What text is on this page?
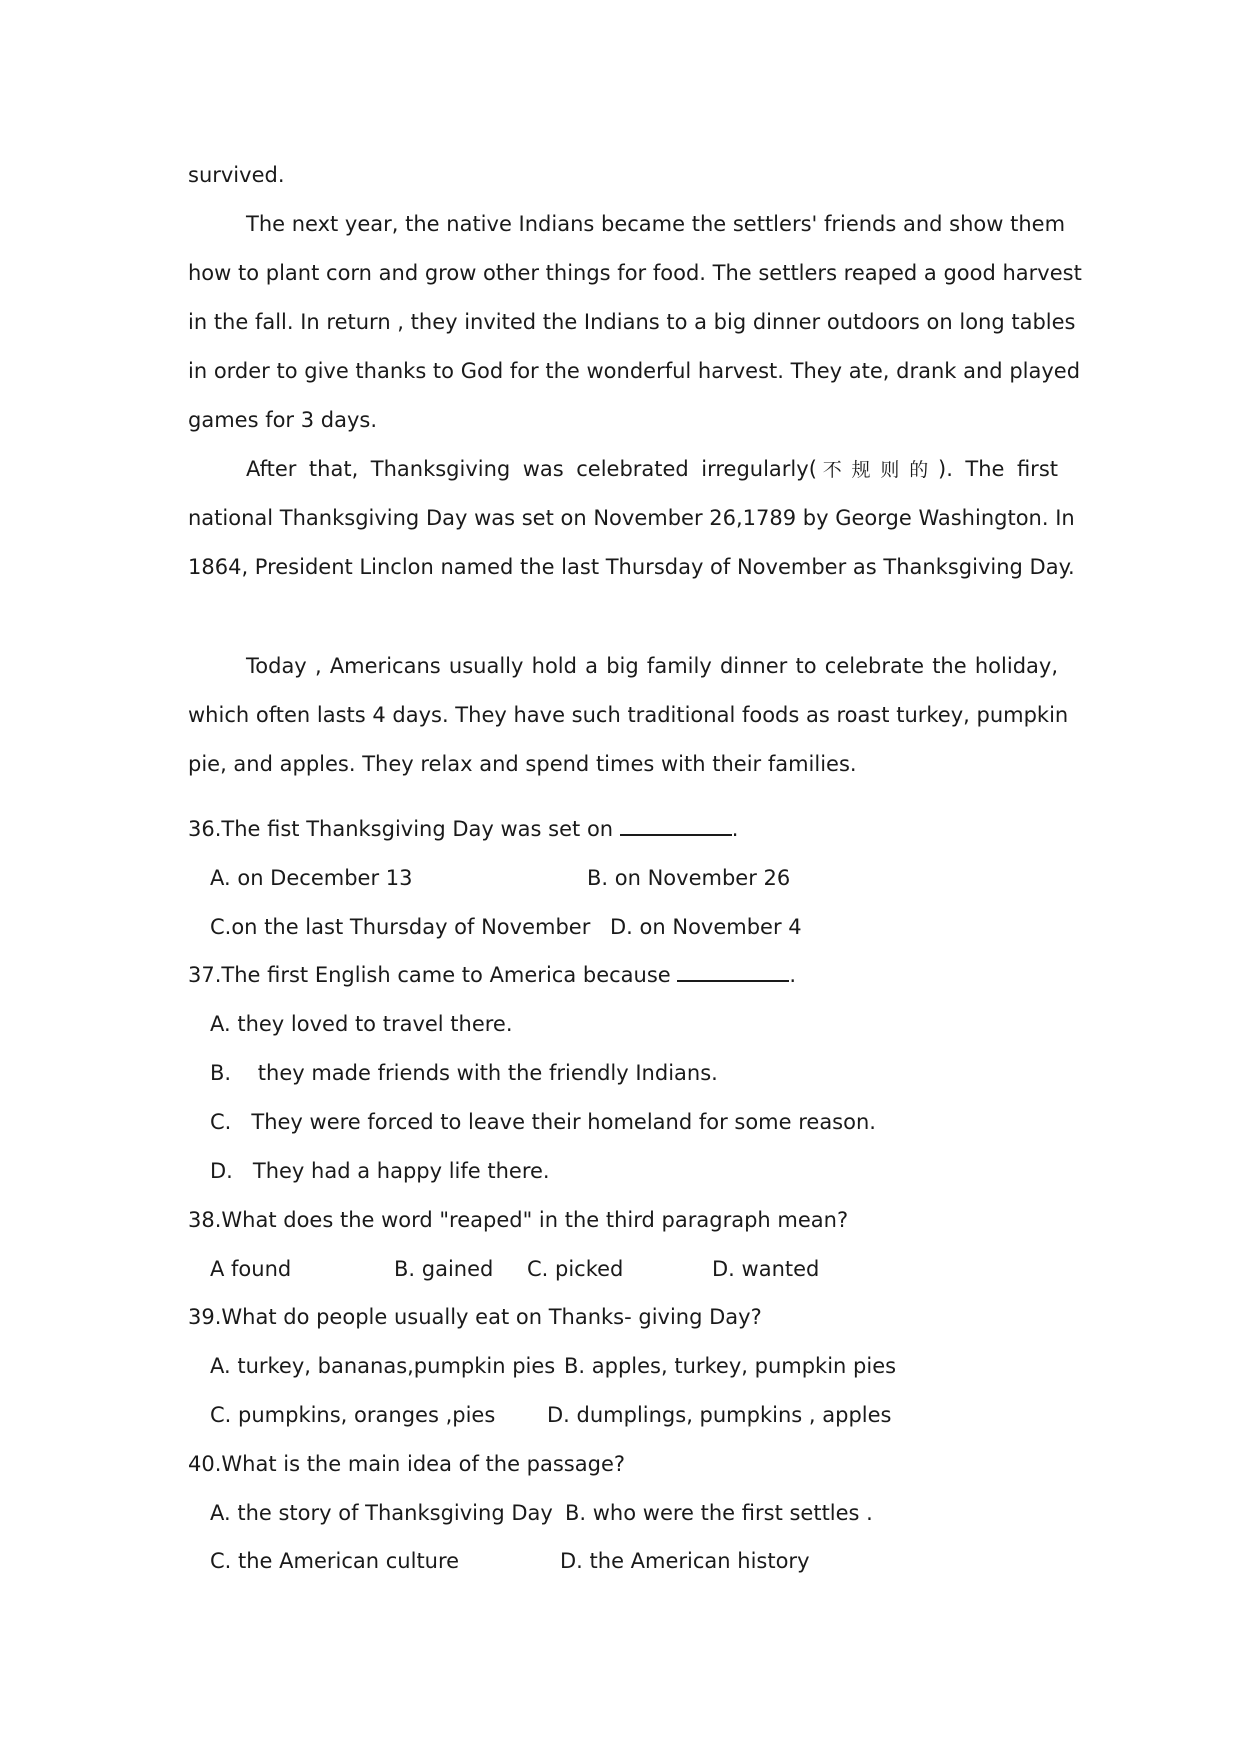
survived.
The next year, the native Indians became the settlers' friends and show them
how to plant corn and grow other things for food. The settlers reaped a good harvest
in the fall. In return , they invited the Indians to a big dinner outdoors on long tables
in order to give thanks to God for the wonderful harvest. They ate, drank and played
games for 3 days.
After that, Thanksgiving was celebrated irregularly(不规则的). The first
national Thanksgiving Day was set on November 26,1789 by George Washington. In
1864, President Linclon named the last Thursday of November as Thanksgiving Day.
Today , Americans usually hold a big family dinner to celebrate the holiday,
which often lasts 4 days. They have such traditional foods as roast turkey, pumpkin
pie, and apples. They relax and spend times with their families.
36.The fist Thanksgiving Day was set on	.
A. on December 13	B. on November 26
C.on the last Thursday of November D. on November 4
37.The first English came to America because	.
A. they loved to travel there.
B.    they made friends with the friendly Indians.
C.   They were forced to leave their homeland for some reason.
D.   They had a happy life there.
38.What does the word "reaped" in the third paragraph mean?
A found	B. gained C. picked	D. wanted
39.What do people usually eat on Thanks- giving Day?
A. turkey, bananas,pumpkin pies B. apples, turkey, pumpkin pies
C. pumpkins, oranges ,pies D. dumplings, pumpkins , apples
40.What is the main idea of the passage?
A. the story of Thanksgiving Day B. who were the first settles .
C. the American culture	D. the American history
